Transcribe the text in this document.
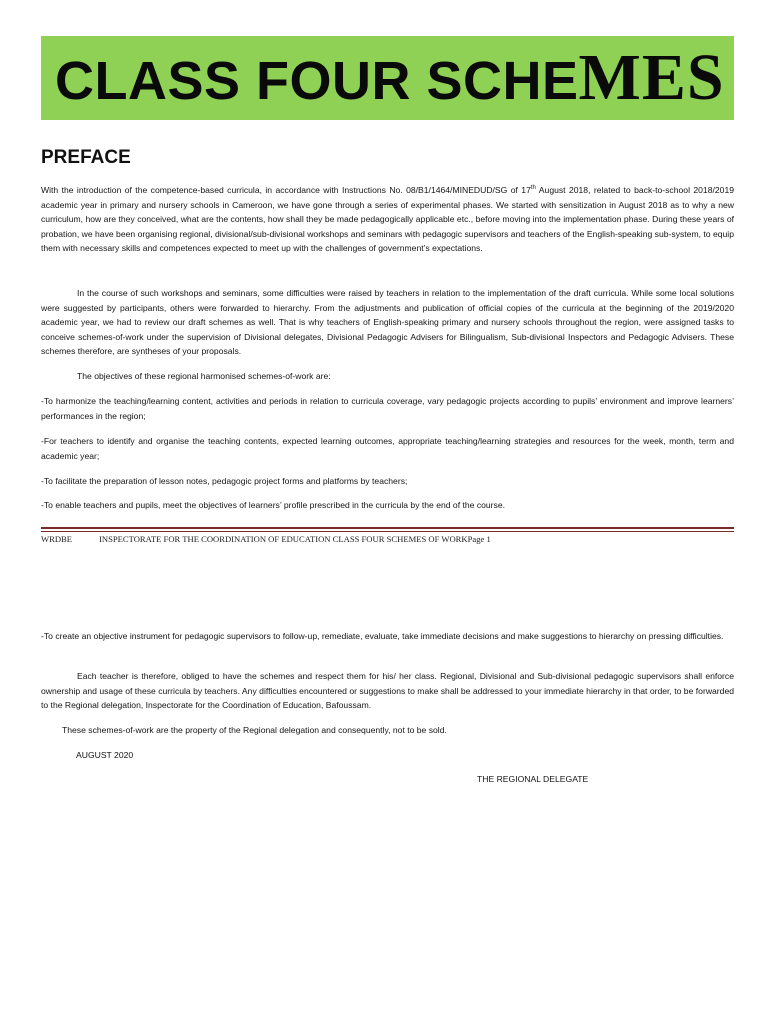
CLASS FOUR SCHEMES
PREFACE

With the introduction of the competence-based curricula, in accordance with Instructions No. 08/B1/1464/MINEDUD/SG of 17th August 2018, related to back-to-school 2018/2019 academic year in primary and nursery schools in Cameroon, we have gone through a series of experimental phases. We started with sensitization in August 2018 as to why a new curriculum, how are they conceived, what are the contents, how shall they be made pedagogically applicable etc., before moving into the implementation phase. During these years of probation, we have been organising regional, divisional/sub-divisional workshops and seminars with pedagogic supervisors and teachers of the English-speaking sub-system, to equip them with necessary skills and competences expected to meet up with the challenges of government’s expectations.

In the course of such workshops and seminars, some difficulties were raised by teachers in relation to the implementation of the draft curricula. While some local solutions were suggested by participants, others were forwarded to hierarchy. From the adjustments and publication of official copies of the curricula at the beginning of the 2019/2020 academic year, we had to review our draft schemes as well. That is why teachers of English-speaking primary and nursery schools throughout the region, were assigned tasks to conceive schemes-of-work under the supervision of Divisional delegates, Divisional Pedagogic Advisers for Bilingualism, Sub-divisional Inspectors and Pedagogic Advisers. These schemes therefore, are syntheses of your proposals.

The objectives of these regional harmonised schemes-of-work are:

-To harmonize the teaching/learning content, activities and periods in relation to curricula coverage, vary pedagogic projects according to pupils’ environment and improve learners’ performances in the region;

-For teachers to identify and organise the teaching contents, expected learning outcomes, appropriate teaching/learning strategies and resources for the week, month, term and academic year;

-To facilitate the preparation of lesson notes, pedagogic project forms and platforms by teachers;

-To enable teachers and pupils, meet the objectives of learners’ profile prescribed in the curricula by the end of the course.

WRDBE	INSPECTORATE FOR THE COORDINATION OF EDUCATION CLASS FOUR SCHEMES OF WORKPage 1

-To create an objective instrument for pedagogic supervisors to follow-up, remediate, evaluate, take immediate decisions and make suggestions to hierarchy on pressing difficulties.

Each teacher is therefore, obliged to have the schemes and respect them for his/ her class. Regional, Divisional and Sub-divisional pedagogic supervisors shall enforce ownership and usage of these curricula by teachers. Any difficulties encountered or suggestions to make shall be addressed to your immediate hierarchy in that order, to be forwarded to the Regional delegation, Inspectorate for the Coordination of Education, Bafoussam.

These schemes-of-work are the property of the Regional delegation and consequently, not to be sold.

AUGUST 2020
THE REGIONAL DELEGATE
